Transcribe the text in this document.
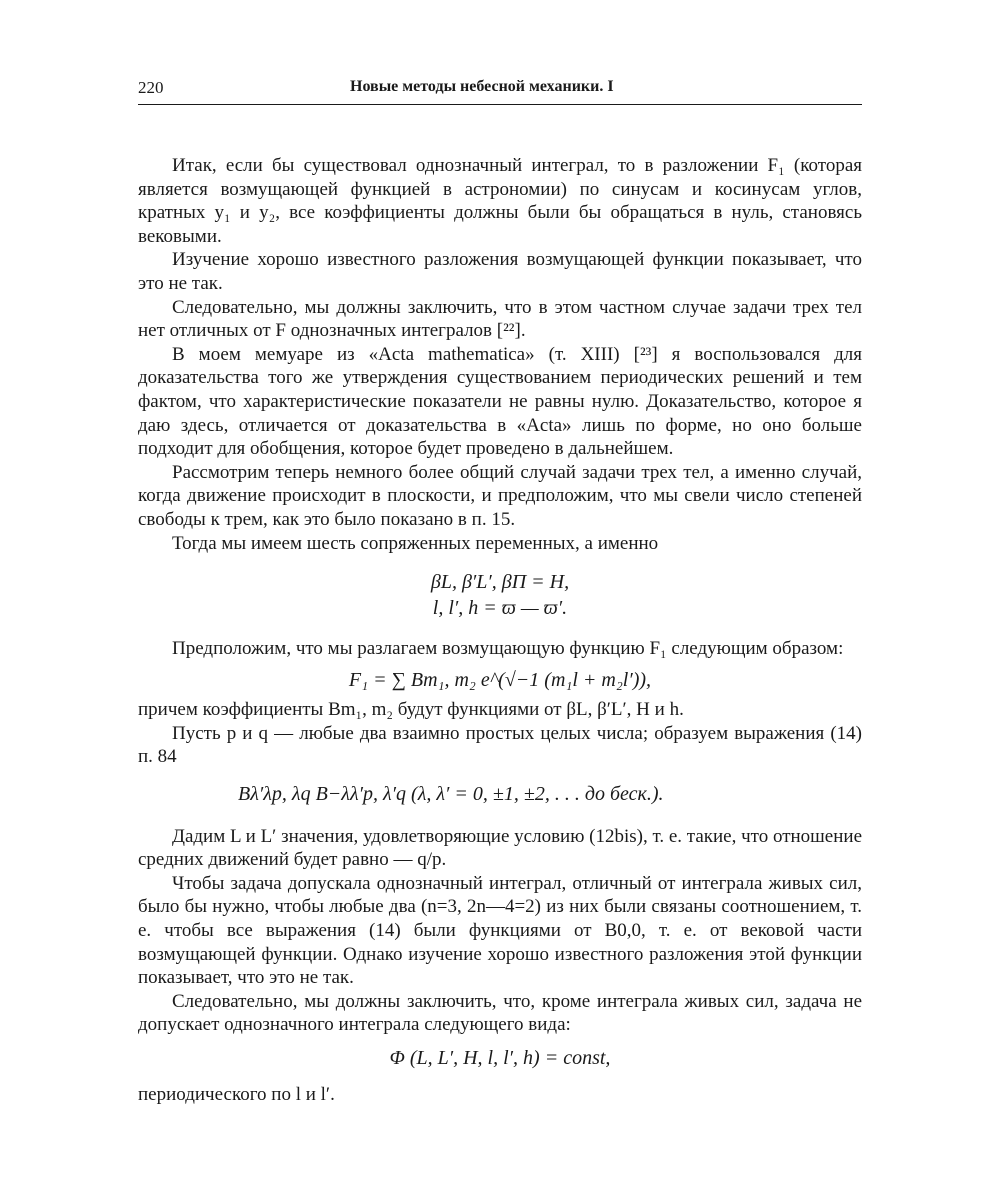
220	Новые методы небесной механики. I

Итак, если бы существовал однозначный интеграл, то в разложении F₁ (которая является возмущающей функцией в астрономии) по синусам и косинусам углов, кратных y₁ и y₂, все коэффициенты должны были бы обращаться в нуль, становясь вековыми.

Изучение хорошо известного разложения возмущающей функции показывает, что это не так.

Следовательно, мы должны заключить, что в этом частном случае задачи трех тел нет отличных от F однозначных интегралов [²²].

В моем мемуаре из «Acta mathematica» (т. XIII) [²³] я воспользовался для доказательства того же утверждения существованием периодических решений и тем фактом, что характеристические показатели не равны нулю. Доказательство, которое я даю здесь, отличается от доказательства в «Acta» лишь по форме, но оно больше подходит для обобщения, которое будет проведено в дальнейшем.

Рассмотрим теперь немного более общий случай задачи трех тел, а именно случай, когда движение происходит в плоскости, и предположим, что мы свели число степеней свободы к трем, как это было показано в п. 15.

Тогда мы имеем шесть сопряженных переменных, а именно

βL, β′L′, βΠ = H,
l, l′, h = ϖ — ϖ′.

Предположим, что мы разлагаем возмущающую функцию F₁ следующим образом:

F₁ = ∑ Bm₁, m₂ e^(√−1 (m₁l + m₂l′)),

причем коэффициенты Bm₁, m₂ будут функциями от βL, β′L′, H и h.

Пусть p и q — любые два взаимно простых целых числа; образуем выражения (14) п. 84

Bλ′λp, λq B−λλ′p, λ′q (λ, λ′ = 0, ±1, ±2, . . . до беск.).

Дадим L и L′ значения, удовлетворяющие условию (12bis), т. е. такие, что отношение средних движений будет равно — q/p.

Чтобы задача допускала однозначный интеграл, отличный от интеграла живых сил, было бы нужно, чтобы любые два (n=3, 2n—4=2) из них были связаны соотношением, т. е. чтобы все выражения (14) были функциями от B0,0, т. е. от вековой части возмущающей функции. Однако изучение хорошо известного разложения этой функции показывает, что это не так.

Следовательно, мы должны заключить, что, кроме интеграла живых сил, задача не допускает однозначного интеграла следующего вида:

Φ (L, L′, H, l, l′, h) = const,

периодического по l и l′.
